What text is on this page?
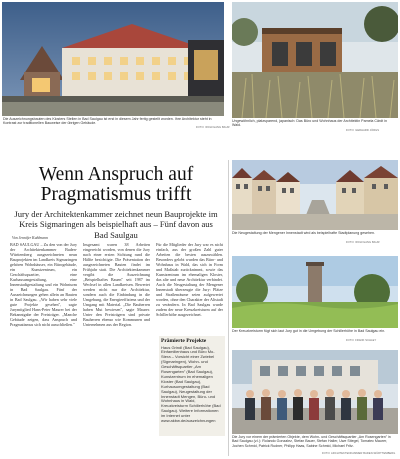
Die Auszeichnungsbauten des Klosters Stellen in Bad Saulgau ist erst in diesem Jahr fertig gestellt worden. Ihre Architektur steht in Kontrast zur traditionellen Bauweise der übrigen Gebäude.
FOTO: WOLFGANG BAUR
Ungewöhnlich, platzsparend, japanisch: Das Büro und Wohnhaus der Architektin Pamela Cärdt in Wald.
FOTO: GERHARD JÖRGS
Die Neugestaltung der Mengener Innenstadt wird als beispielhafte Stadtplanung gesehen.
FOTO: WOLFGANG BAUR
Der Kreuzkreisturm fügt sich laut Jury gut in die Umgebung der Schillerhöhe in Bad Saulgau ein.
FOTO: FRANK SCHLEY
Die Jury vor einem der prämierten Objekte, dem Wohn- und Geschäftsquartier „Am Rosengarten" in Bad Saulgau (v.l.): Rolando Gonzalez, Stefan Bauer, Stefan Haller, Uwe Stiegel, Tomatec Maurer, Jochen Schmid, Patrick Rudner, Philipp Haas, Sabine Schmid, Michael Fritz.
FOTO: ARCHITEKTENKAMMER BADEN-WÜRTTEMBERG
Wenn Anspruch auf
Pragmatismus trifft
Jury der Architektenkammer zeichnet neun Bauprojekte im Kreis Sigmaringen als beispielhaft aus – Fünf davon aus Bad Saulgau
Von Jennifer Kuhlmann
BAD SAULGAU – Zu den von der Jury der Architektenkammer Baden-Württemberg ausgezeichneten neun Bauprojekten im Landkreis Sigmaringen gehören Wohnhäuser, ein Bürogebäude, ein Kunstzentrum, ein Geschäftsquartier, eine Kurhausumgestaltung, eine Innenstadtgestaltung und ein Wohnturm in Bad Saulgau. Fünf der Auszeichnungen gehen allein an Bauten in Bad Saulgau. „Wir haben sehr viele gute Projekte gesehen", sagte Jurymitglied Hans-Peter Maurer bei der Bekanntgabe der Preisträger. „Manche Gebäude zeigen, dass Anspruch und Pragmatismus sich nicht ausschließen."
Insgesamt waren 38 Arbeiten eingereicht worden, von denen die Jury nach einer ersten Sichtung rund die Hälfte besichtigte. Die Präsentation der ausgezeichneten Bauten findet im Frühjahr statt. Die Architektenkammer vergibt die Auszeichnung „Beispielhaftes Bauen" seit 1987 im Wechsel in allen Landkreisen. Bewertet werden nicht nur die Architektur, sondern auch die Einbindung in die Umgebung, die Energieeffizienz und der Umgang mit Material. „Die Bauherren haben Mut bewiesen", sagte Maurer. Unter den Preisträgern sind private Bauherren ebenso wie Kommunen und Unternehmen aus der Region.
Für die Mitglieder der Jury war es nicht einfach, aus der großen Zahl guter Arbeiten die besten auszuwählen. Besonders gelobt wurden das Büro- und Wohnhaus in Wald, das sich in Form und Maßstab zurücknimmt, sowie das Kunstzentrum im ehemaligen Kloster, das alte und neue Architektur verbindet. Auch die Neugestaltung der Mengener Innenstadt überzeugte die Jury: Plätze und Straßenräume seien aufgewertet worden, ohne den Charakter der Altstadt zu verändern. In Bad Saulgau wurde zudem der neue Kreuzkreisturm auf der Schillerhöhe ausgezeichnet.
Prämierte Projekte
Haus Grindl (Bad Saulgau), Einfamilienhaus und Büro Mo-Stera – Vorsicht einer Zwiebel (Sigmaringen), Wohn- und Geschäftsquartier „Am Rosengarten" (Bad Saulgau), Kunstzentrum im ehemaligen Kloster (Bad Saulgau), Kurhausumgestaltung (Bad Saulgau), Neugestaltung der Innenstadt Mengen, Büro- und Wohnhaus in Wald, Kreuzkreisturm Schillerhöhe (Bad Saulgau). Weitere Informationen im Internet unter www.akbw.de/auszeichnungen
